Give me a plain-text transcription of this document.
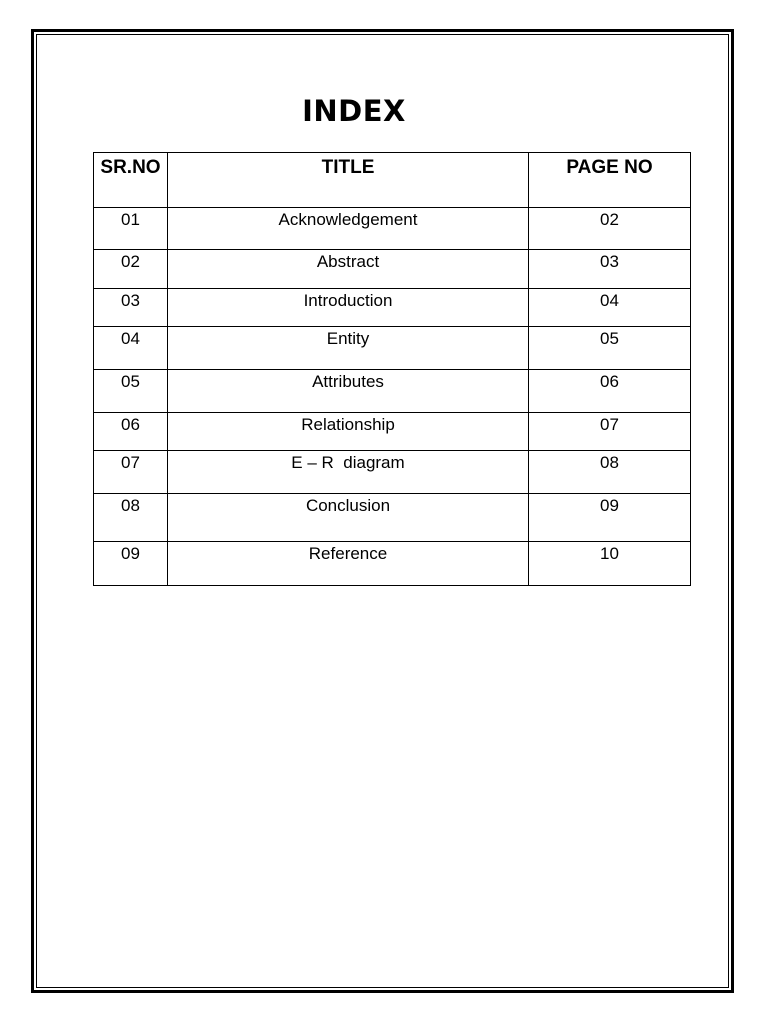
INDEX
SR.NO	TITLE	PAGE NO
01	Acknowledgement	02
02	Abstract	03
03	Introduction	04
04	Entity	05
05	Attributes	06
06	Relationship	07
07	E – R  diagram	08
08	Conclusion	09
09	Reference	10
